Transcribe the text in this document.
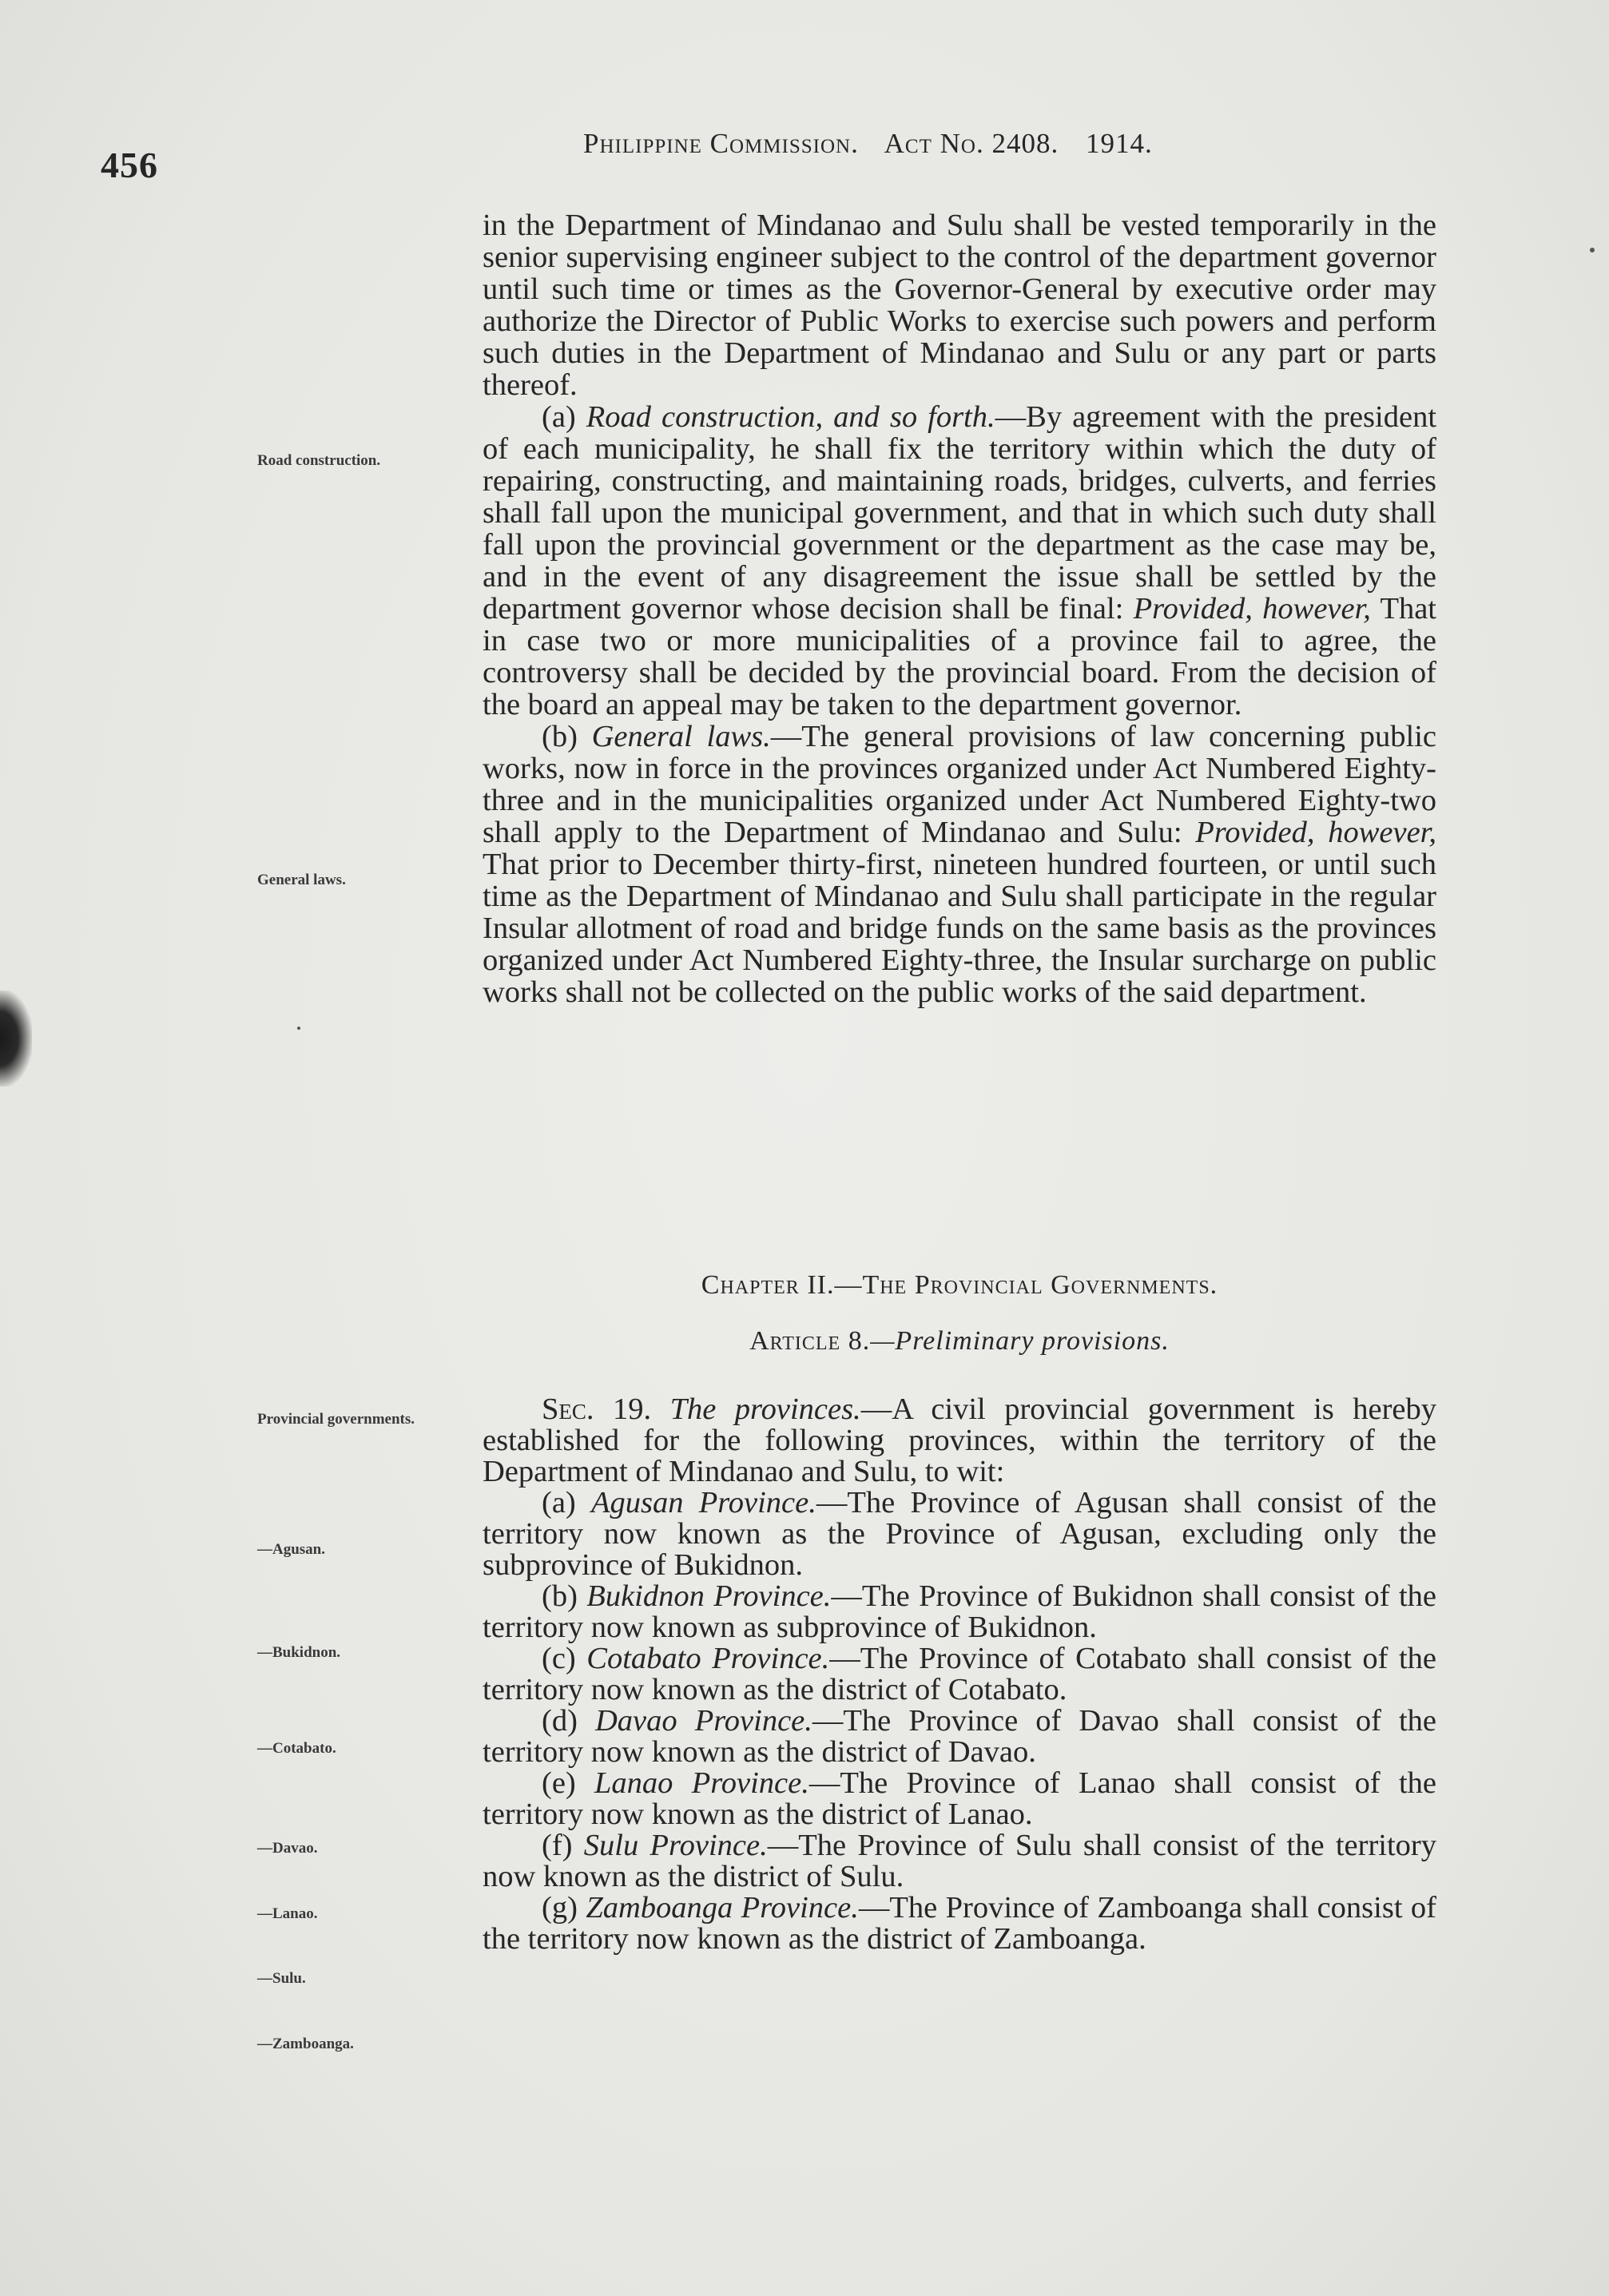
456
Philippine Commission. Act No. 2408. 1914.
Road construction.
General laws.
Provincial governments.
—Agusan.
—Bukidnon.
—Cotabato.
—Davao.
—Lanao.
—Sulu.
—Zamboanga.

in the Department of Mindanao and Sulu shall be vested temporarily in the senior supervising engineer subject to the control of the department governor until such time or times as the Governor-General by executive order may authorize the Director of Public Works to exercise such powers and perform such duties in the Department of Mindanao and Sulu or any part or parts thereof.

(a) Road construction, and so forth.—By agreement with the president of each municipality, he shall fix the territory within which the duty of repairing, constructing, and maintaining roads, bridges, culverts, and ferries shall fall upon the municipal government, and that in which such duty shall fall upon the provincial government or the department as the case may be, and in the event of any disagreement the issue shall be settled by the department governor whose decision shall be final: Provided, however, That in case two or more municipalities of a province fail to agree, the controversy shall be decided by the provincial board. From the decision of the board an appeal may be taken to the department governor.

(b) General laws.—The general provisions of law concerning public works, now in force in the provinces organized under Act Numbered Eighty-three and in the municipalities organized under Act Numbered Eighty-two shall apply to the Department of Mindanao and Sulu: Provided, however, That prior to December thirty-first, nineteen hundred fourteen, or until such time as the Department of Mindanao and Sulu shall participate in the regular Insular allotment of road and bridge funds on the same basis as the provinces organized under Act Numbered Eighty-three, the Insular surcharge on public works shall not be collected on the public works of the said department.

Chapter II.—The Provincial Governments.
Article 8.—Preliminary provisions.

Sec. 19. The provinces.—A civil provincial government is hereby established for the following provinces, within the territory of the Department of Mindanao and Sulu, to wit:

(a) Agusan Province.—The Province of Agusan shall consist of the territory now known as the Province of Agusan, excluding only the subprovince of Bukidnon.

(b) Bukidnon Province.—The Province of Bukidnon shall consist of the territory now known as subprovince of Bukidnon.

(c) Cotabato Province.—The Province of Cotabato shall consist of the territory now known as the district of Cotabato.

(d) Davao Province.—The Province of Davao shall consist of the territory now known as the district of Davao.

(e) Lanao Province.—The Province of Lanao shall consist of the territory now known as the district of Lanao.

(f) Sulu Province.—The Province of Sulu shall consist of the territory now known as the district of Sulu.

(g) Zamboanga Province.—The Province of Zamboanga shall consist of the territory now known as the district of Zamboanga.
